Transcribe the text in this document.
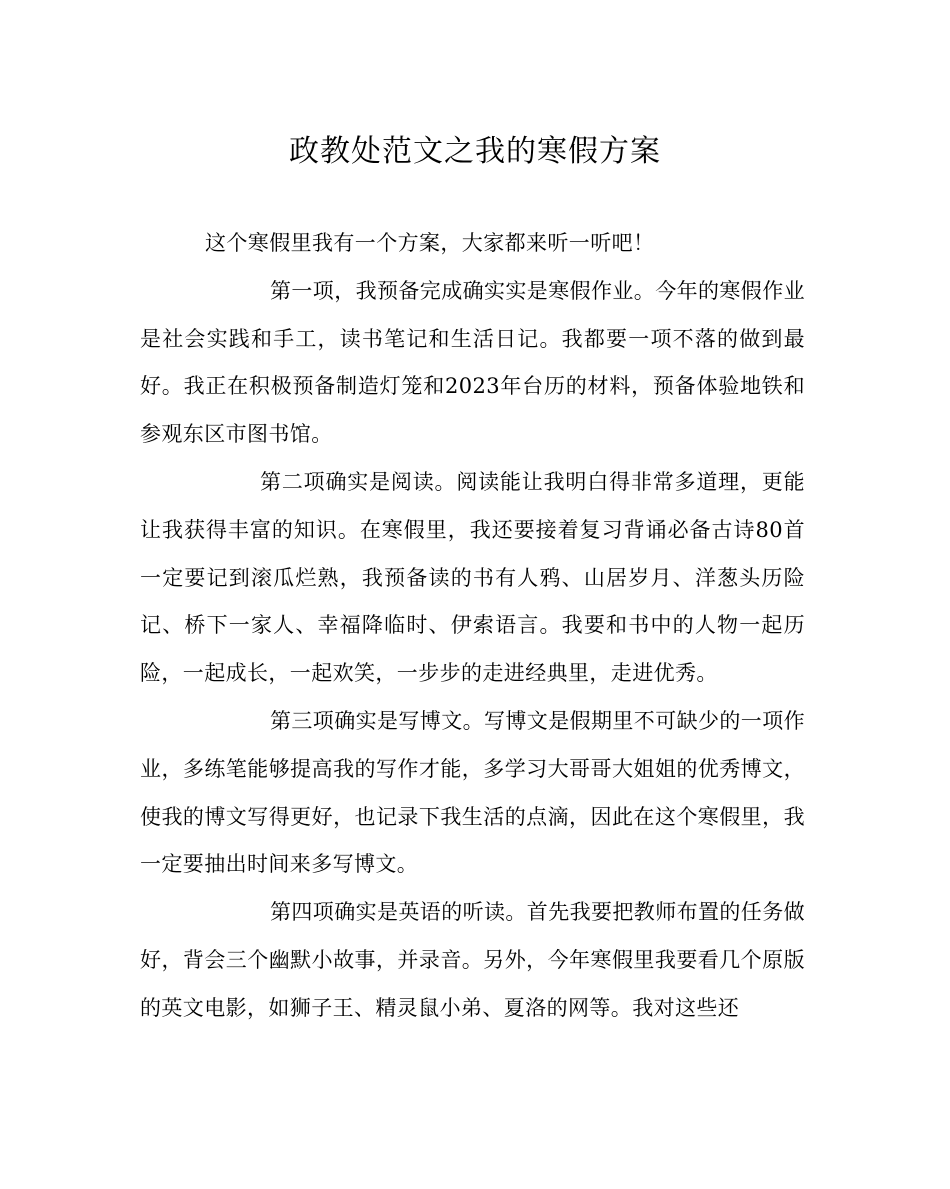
政教处范文之我的寒假方案

这个寒假里我有一个方案，大家都来听一听吧！

第一项，我预备完成确实实是寒假作业。今年的寒假作业是社会实践和手工，读书笔记和生活日记。我都要一项不落的做到最好。我正在积极预备制造灯笼和2023年台历的材料，预备体验地铁和参观东区市图书馆。

第二项确实是阅读。阅读能让我明白得非常多道理，更能让我获得丰富的知识。在寒假里，我还要接着复习背诵必备古诗80首一定要记到滚瓜烂熟，我预备读的书有人鸦、山居岁月、洋葱头历险记、桥下一家人、幸福降临时、伊索语言。我要和书中的人物一起历险，一起成长，一起欢笑，一步步的走进经典里，走进优秀。

第三项确实是写博文。写博文是假期里不可缺少的一项作业，多练笔能够提高我的写作才能，多学习大哥哥大姐姐的优秀博文，使我的博文写得更好，也记录下我生活的点滴，因此在这个寒假里，我一定要抽出时间来多写博文。

第四项确实是英语的听读。首先我要把教师布置的任务做好，背会三个幽默小故事，并录音。另外，今年寒假里我要看几个原版的英文电影，如狮子王、精灵鼠小弟、夏洛的网等。我对这些还
